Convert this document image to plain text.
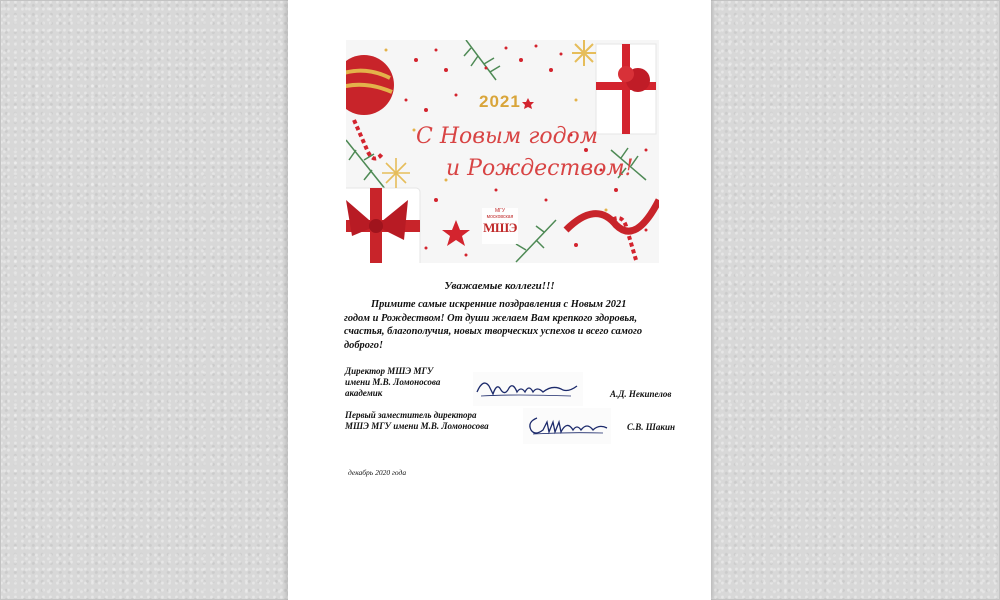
2021
С Новым годом
и Рождеством!
МГУ московская
МШЭ
Уважаемые коллеги!!!
Примите самые искренние поздравления с Новым 2021
годом и Рождеством! От души желаем Вам крепкого здоровья,
счастья, благополучия, новых творческих успехов и всего самого
доброго!
Директор МШЭ МГУ
имени М.В. Ломоносова
академик	А.Д. Некипелов
Первый заместитель директора
МШЭ МГУ имени М.В. Ломоносова	С.В. Шакин
декабрь 2020 года
